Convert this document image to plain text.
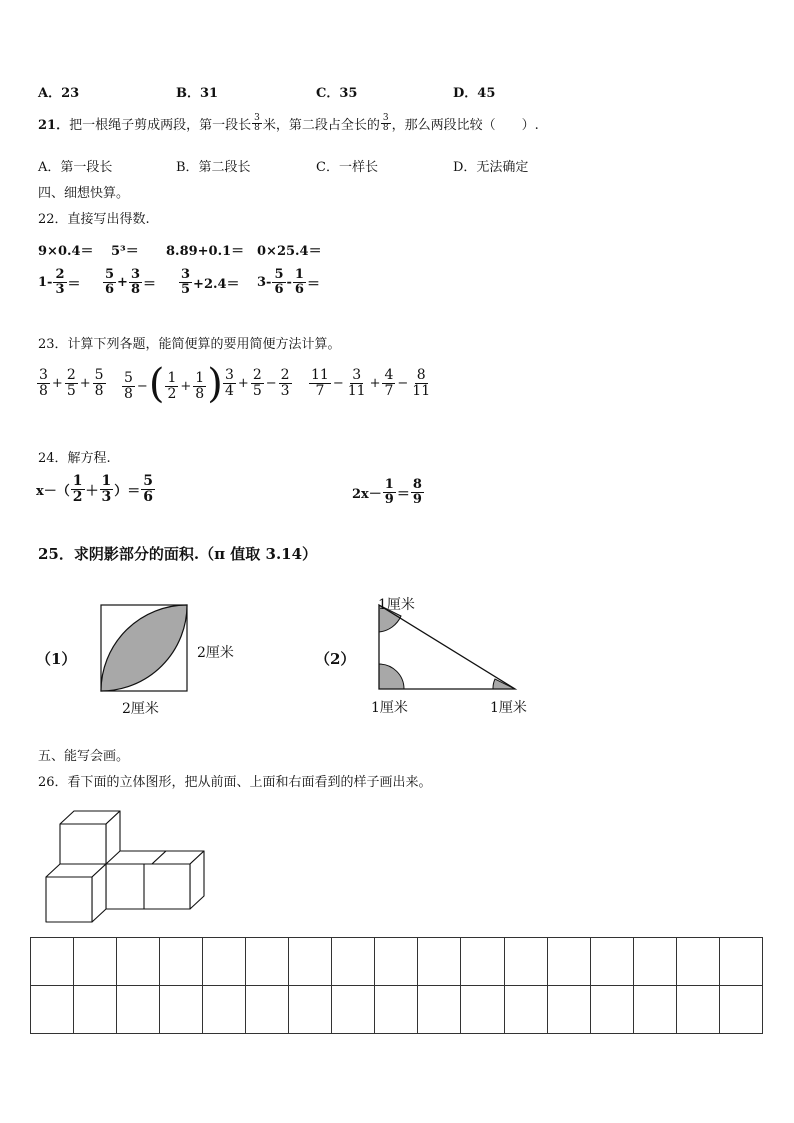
A．23	B．31	C．35	D．45
21． 把一根绳子剪成两段，第一段长 $\frac{3}{8}$ 米，第二段占全长的 $\frac{3}{8}$ ，那么两段比较（　　）.
A．第一段长	B．第二段长	C．一样长	D．无法确定
四、细想快算。
22．直接写出得数.
9×0.4＝ 5³＝ 8.89+0.1＝ 0×25.4＝
$1- \frac{2}{3} = \frac{5}{6} + \frac{3}{8} = \frac{3}{5} +2.4= 3- \frac{5}{6} - \frac{1}{6}$ ＝
23．计算下列各题，能简便算的要用简便方法计算。
$\frac{3}{8} + \frac{2}{5} + \frac{5}{8} \frac{5}{8}$ − ( $\frac{1}{2} + \frac{1}{8}$ ) $\frac{3}{4} + \frac{2}{5} - \frac{2}{3} \frac{11}{7} - \frac{3}{11} + \frac{4}{7} - \frac{8}{11}$
24．解方程.
$x-( \frac{1}{2} + \frac{1}{3}$ ）＝ $\frac{5}{6}$	$2x- \frac{1}{9} = \frac{8}{9}$
25．求阴影部分的面积.（π 值取 3.14）
（1）	2厘米
2厘米
（2）
1厘米
1厘米	1厘米
五、能写会画。
26．看下面的立体图形，把从前面、上面和右面看到的样子画出来。
